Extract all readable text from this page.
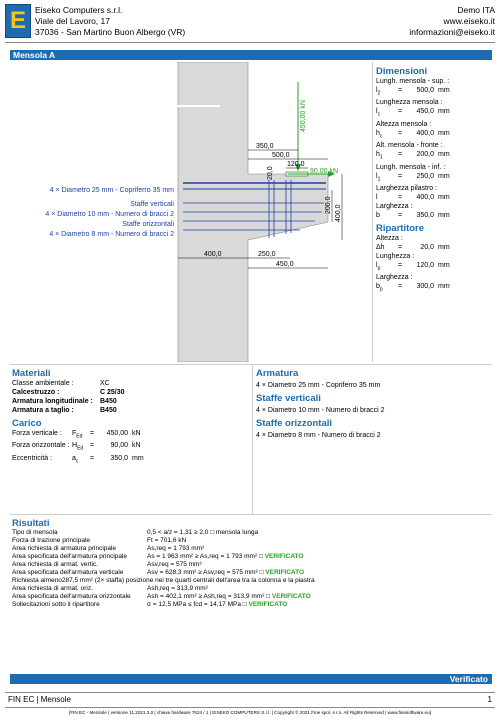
E	Eiseko Computers s.r.l.
Viale del Lavoro, 17
37036 - San Martino Buon Albergo (VR)
Demo ITA
www.eiseko.it
informazioni@eiseko.it
Mensola A
450,00 kN
90,00 kN
350,0
500,0
120,0
20,0
200,0 400,0
400,0	250,0
450,0
4 × Diametro 25 mm - Copriferro 35 mm
Staffe verticali
4 × Diametro 10 mm - Numero di bracci 2
Staffe orizzontali
4 × Diametro 8 mm - Numero di bracci 2
Dimensioni
Lungh. mensola - sup. :
$l_2$	=	500,0 mm
Lunghezza mensola :
$l_c$	=	450,0 mm
Altezza mensola :
$h_c$	=	400,0 mm
Alt. mensola - fronte :
$h_1$	=	200,0 mm
Lungh. mensola - inf. :
$l_1$	=	250,0 mm
Larghezza pilastro :
l	=	400,0 mm
Larghezza :
b	=	350,0 mm
Ripartitore
Altezza :
Δh	=	20,0 mm
Lunghezza :
$l_p$	=	120,0 mm
Larghezza :
$b_p$	=	300,0 mm
Materiali
Classe ambientale :	XC
Calcestruzzo :	C 25/30
Armatura longitudinale :	B450
Armatura a taglio :	B450
Carico
Forza verticale :	$F_{Ed}$	=	450,00 kN
Forza orizzontale : $H_{Ed}$ =	90,00 kN
Eccentricità :	$a_c$	=	350,0 mm
Armatura
4 × Diametro 25 mm - Copriferro 35 mm
Staffe verticali
4 × Diametro 10 mm - Numero di bracci 2
Staffe orizzontali
4 × Diametro 8 mm - Numero di bracci 2
Risultati
Tipo di mensola	0,5 < a/z = 1,31 ≥ 2,0 □ mensola lunga
Forza di trazione principale	Ft = 701,6 kN
Area richiesta di armatura principale	As,req = 1 793 mm²
Area specificata dell'armatura principale	As = 1 963 mm² ≥ As,req = 1 793 mm² □ VERIFICATO
Area richiesta di armat. vertic.	Asv,req = 575 mm²
Area specificata dell'armatura verticale	Asv = 628,3 mm² ≥ Asv,req = 575 mm² □ VERIFICATO
Richiesta almeno287,5 mm² (2× staffa) posizione nei tre quarti centrali dell'area tra la colonna e la piastra
Area richiesta di armat. oriz.	Ash,req = 313,9 mm²
Area specificata dell'armatura orizzontale	Ash = 402,1 mm² ≥ Ash,req = 313,9 mm² □ VERIFICATO
Sollecitazioni sotto il ripartitore	σ = 12,5 MPa ≤ fcd = 14,17 MPa □ VERIFICATO
Verificato
FIN EC | Mensole	1
[FIN EC - Mensole | versione 11.2021.3.0 | chiave hardware 7624 / 1 | EISEKO COMPUTERS S.r.l. | Copyright © 2021 Fine spol. s r.o. All Rights Reserved | www.finesoftware.eu]
